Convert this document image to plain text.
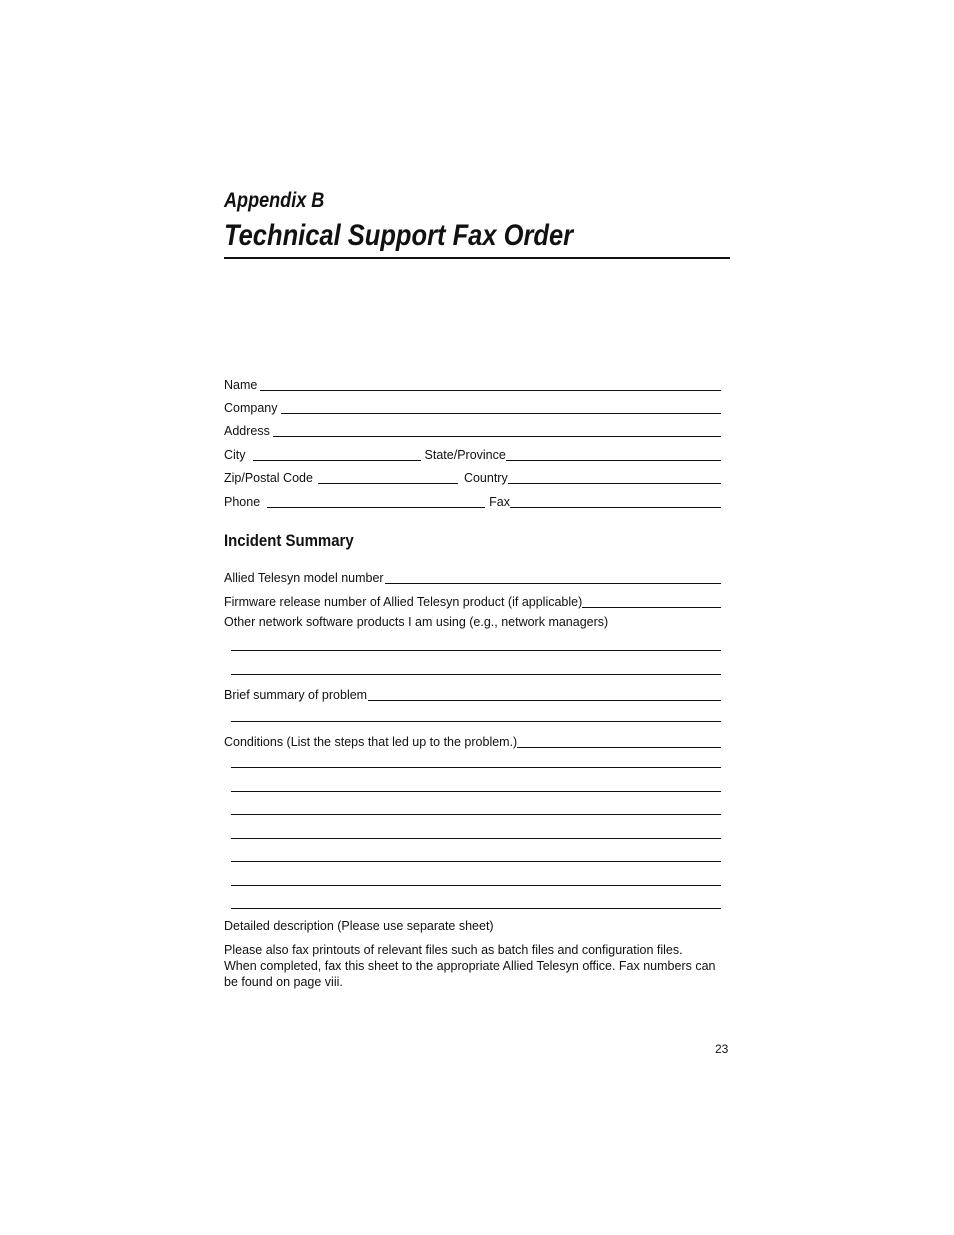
Appendix B
Technical Support Fax Order
Name
Company
Address
City	State/Province
Zip/Postal Code	Country
Phone	Fax
Incident Summary
Allied Telesyn model number
Firmware release number of Allied Telesyn product (if applicable)
Other network software products I am using (e.g., network managers)
Brief summary of problem
Conditions (List the steps that led up to the problem.)
Detailed description (Please use separate sheet)
Please also fax printouts of relevant files such as batch files and configuration files.
When completed, fax this sheet to the appropriate Allied Telesyn office. Fax numbers can be found on page viii.
23
